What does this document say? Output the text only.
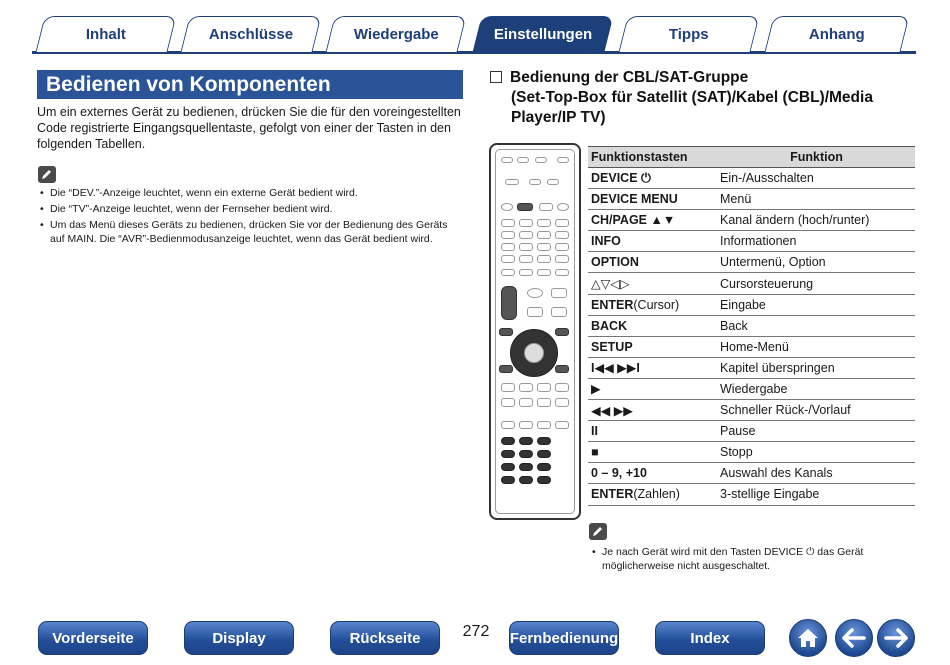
Inhalt	Anschlüsse	Wiedergabe	Einstellungen	Tipps	Anhang
Bedienen von Komponenten

Um ein externes Gerät zu bedienen, drücken Sie die für den voreingestellten Code registrierte Eingangsquellentaste, gefolgt von einer der Tasten in den folgenden Tabellen.

• Die “DEV.”-Anzeige leuchtet, wenn ein externe Gerät bedient wird.
• Die “TV”-Anzeige leuchtet, wenn der Fernseher bedient wird.
• Um das Menü dieses Geräts zu bedienen, drücken Sie vor der Bedienung des Geräts auf MAIN. Die “AVR”-Bedienmodusanzeige leuchtet, wenn das Gerät bedient wird.
Bedienung der CBL/SAT-Gruppe
(Set-Top-Box für Satellit (SAT)/Kabel (CBL)/Media Player/IP TV)
Funktionstasten	Funktion
DEVICE ⏻	Ein-/Ausschalten
DEVICE MENU	Menü
CH/PAGE ▲▼	Kanal ändern (hoch/runter)
INFO	Informationen
OPTION	Untermenü, Option
△▽◁▷	Cursorsteuerung
ENTER(Cursor)	Eingabe
BACK	Back
SETUP	Home-Menü
I◀◀ ▶▶I	Kapitel überspringen
▶	Wiedergabe
◀◀ ▶▶	Schneller Rück-/Vorlauf
II	Pause
■	Stopp
0 – 9, +10	Auswahl des Kanals
ENTER(Zahlen)	3-stellige Eingabe
• Je nach Gerät wird mit den Tasten DEVICE ⏻ das Gerät möglicherweise nicht ausgeschaltet.
Vorderseite	Display	Rückseite	272 Fernbedienung	Index
